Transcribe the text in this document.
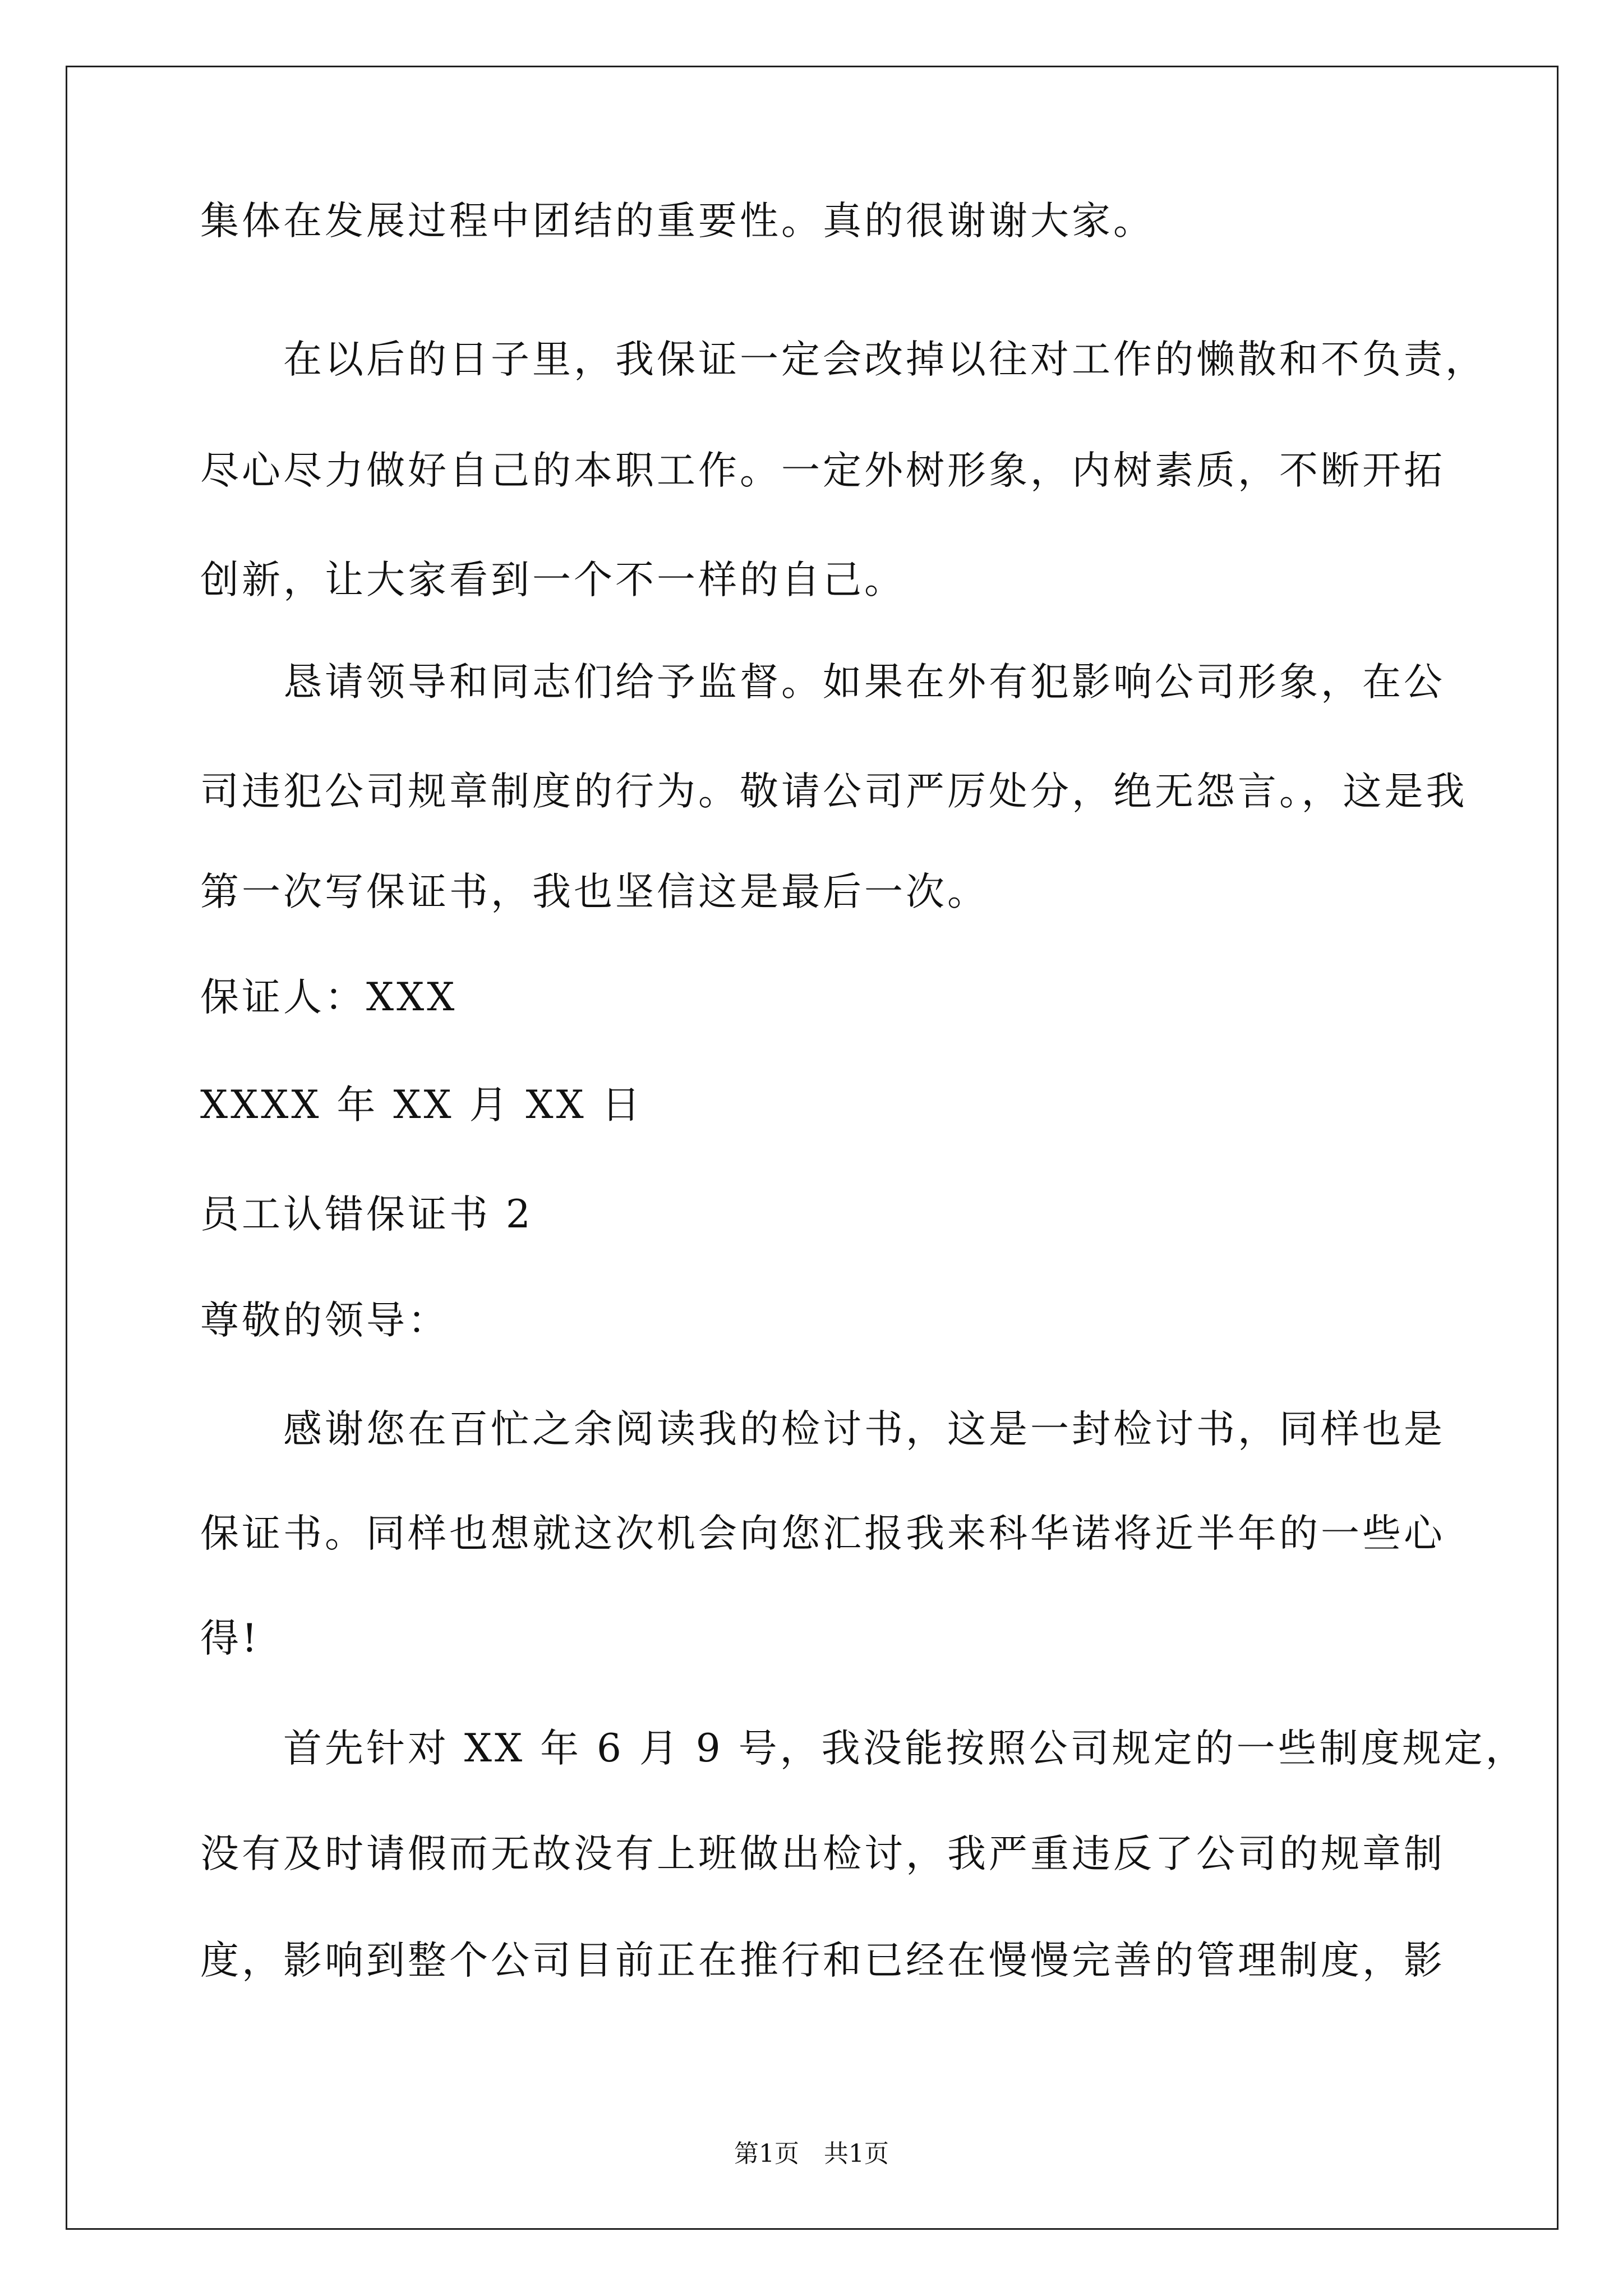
集体在发展过程中团结的重要性。真的很谢谢大家。
在以后的日子里，我保证一定会改掉以往对工作的懒散和不负责，
尽心尽力做好自己的本职工作。一定外树形象，内树素质，不断开拓
创新，让大家看到一个不一样的自己。
恳请领导和同志们给予监督。如果在外有犯影响公司形象，在公
司违犯公司规章制度的行为。敬请公司严厉处分，绝无怨言。，这是我
第一次写保证书，我也坚信这是最后一次。
保证人：XXX
XXXX 年 XX 月 XX 日
员工认错保证书 2
尊敬的领导：
感谢您在百忙之余阅读我的检讨书，这是一封检讨书，同样也是
保证书。同样也想就这次机会向您汇报我来科华诺将近半年的一些心
得!
首先针对 XX 年 6 月 9 号，我没能按照公司规定的一些制度规定，
没有及时请假而无故没有上班做出检讨，我严重违反了公司的规章制
度，影响到整个公司目前正在推行和已经在慢慢完善的管理制度，影
第1页　共1页
